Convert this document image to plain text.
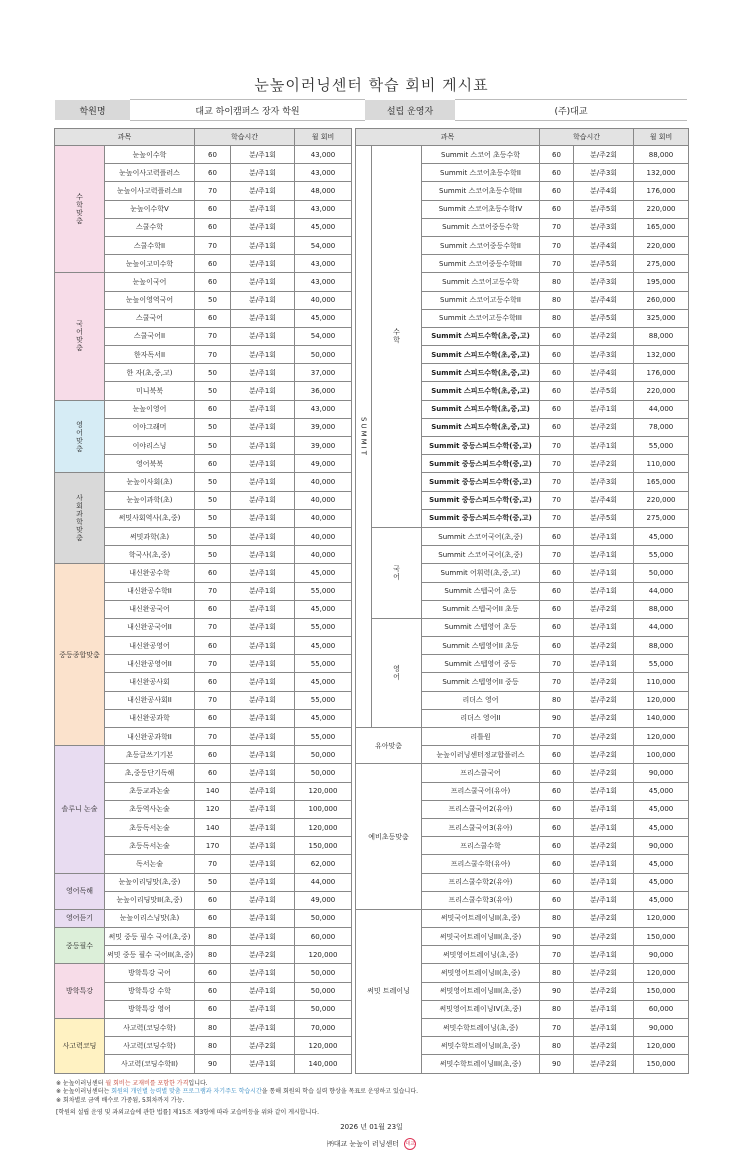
눈높이러닝센터 학습 회비 게시표
학원명	대교 하이캠퍼스 장자 학원	설립 운영자	(주)대교
과목		학습시간		월 회비
수학맞춤	눈높이수학	60	분/주1회	43,000
	눈높이사고력플러스	60	분/주1회	43,000
	눈높이사고력플러스II	70	분/주1회	48,000
	눈높이수학V	60	분/주1회	43,000
	스쿨수학	60	분/주1회	45,000
	스쿨수학II	70	분/주1회	54,000
	눈높이고미수학	60	분/주1회	43,000
국어맞춤	눈높이국어	60	분/주1회	43,000
	눈높이영역국어	50	분/주1회	40,000
	스쿨국어	60	분/주1회	45,000
	스쿨국어II	70	분/주1회	54,000
	한자독서II	70	분/주1회	50,000
	한 자(초,중,고)	50	분/주1회	37,000
	미니북북	50	분/주1회	36,000
영어맞춤	눈높이영어	60	분/주1회	43,000
	이야그래머	50	분/주1회	39,000
	이야리스닝	50	분/주1회	39,000
	영어북북	60	분/주1회	49,000
사회과학맞춤	눈높이사회(초)	50	분/주1회	40,000
	눈높이과학(초)	50	분/주1회	40,000
	써밋사회역사(초,중)	50	분/주1회	40,000
	써밋과학(초)	50	분/주1회	40,000
	학국사(초,중)	50	분/주1회	40,000
중등종합맞춤	내신완공수학	60	분/주1회	45,000
	내신완공수학II	70	분/주1회	55,000
	내신완공국어	60	분/주1회	45,000
	내신완공국어II	70	분/주1회	55,000
	내신완공영어	60	분/주1회	45,000
	내신완공영어II	70	분/주1회	55,000
	내신완공사회	60	분/주1회	45,000
	내신완공사회II	70	분/주1회	55,000
	내신완공과학	60	분/주1회	45,000
	내신완공과학II	70	분/주1회	55,000
솔루니 논술	초등글쓰기기본	60	분/주1회	50,000
	초,중등단기독해	60	분/주1회	50,000
	초등교과논술	140	분/주1회	120,000
	초등역사논술	120	분/주1회	100,000
	초등독서논술	140	분/주1회	120,000
	초등독서논술	170	분/주1회	150,000
	독서논술	70	분/주1회	62,000
영어독해	눈높이리딩맛(초,중)	50	분/주1회	44,000
	눈높이리딩맛II(초,중)	60	분/주1회	49,000
영어듣기	눈높이리스닝맛(초)	60	분/주1회	50,000
중등필수	써밋 중등 필수 국어(초,중)	80	분/주1회	60,000
	써밋 중등 필수 국어II(초,중)	80	분/주2회	120,000
방학특강	방학특강 국어	60	분/주1회	50,000
	방학특강 수학	60	분/주1회	50,000
	방학특강 영어	60	분/주1회	50,000
사고력코딩	사고력(코딩수학)	80	분/주1회	70,000
	사고력(코딩수학)	80	분/주2회	120,000
	사고력(코딩수학II)	90	분/주1회	140,000
과목			학습시간		월 회비
SUMMIT	수학	Summit 스코어 초등수학	60	분/주2회	88,000
		Summit 스코어초등수학II	60	분/주3회	132,000
		Summit 스코어초등수학III	60	분/주4회	176,000
		Summit 스코어초등수학IV	60	분/주5회	220,000
		Summit 스코어중등수학	70	분/주3회	165,000
		Summit 스코어중등수학II	70	분/주4회	220,000
		Summit 스코어중등수학III	70	분/주5회	275,000
		Summit 스코어고등수학	80	분/주3회	195,000
		Summit 스코어고등수학II	80	분/주4회	260,000
		Summit 스코어고등수학III	80	분/주5회	325,000
		Summit 스피드수학(초,중,고)	60	분/주2회	88,000
		Summit 스피드수학(초,중,고)	60	분/주3회	132,000
		Summit 스피드수학(초,중,고)	60	분/주4회	176,000
		Summit 스피드수학(초,중,고)	60	분/주5회	220,000
		Summit 스피드수학(초,중,고)	60	분/주1회	44,000
		Summit 스피드수학(초,중,고)	60	분/주2회	78,000
		Summit 중등스피드수학(중,고)	70	분/주1회	55,000
		Summit 중등스피드수학(중,고)	70	분/주2회	110,000
		Summit 중등스피드수학(중,고)	70	분/주3회	165,000
		Summit 중등스피드수학(중,고)	70	분/주4회	220,000
		Summit 중등스피드수학(중,고)	70	분/주5회	275,000
	국어	Summit 스코어국어(초,중)	60	분/주1회	45,000
		Summit 스코어국어(초,중)	70	분/주1회	55,000
		Summit 어휘력(초,중,고)	60	분/주1회	50,000
		Summit 스텝국어 초등	60	분/주1회	44,000
		Summit 스텝국어II 초등	60	분/주2회	88,000
	영어	Summit 스텝영어 초등	60	분/주1회	44,000
		Summit 스텝영어II 초등	60	분/주2회	88,000
		Summit 스텝영어 중등	70	분/주1회	55,000
		Summit 스텝영어II 중등	70	분/주2회	110,000
		리더스 영어	80	분/주2회	120,000
		리더스 영어II	90	분/주2회	140,000
유아맞춤		리틀원	70	분/주2회	120,000
		눈높이러닝센터정교합플러스	60	분/주2회	100,000
예비초등맞춤		프리스쿨국어	60	분/주2회	90,000
		프리스쿨국어(유아)	60	분/주1회	45,000
		프리스쿨국어2(유아)	60	분/주1회	45,000
		프리스쿨국어3(유아)	60	분/주1회	45,000
		프리스쿨수학	60	분/주2회	90,000
		프리스쿨수학(유아)	60	분/주1회	45,000
		프리스쿨수학2(유아)	60	분/주1회	45,000
		프리스쿨수학3(유아)	60	분/주1회	45,000
써밋 트레이닝		써밋국어트레이닝II(초,중)	80	분/주2회	120,000
		써밋국어트레이닝III(초,중)	90	분/주2회	150,000
		써밋영어트레이닝(초,중)	70	분/주1회	90,000
		써밋영어트레이닝II(초,중)	80	분/주2회	120,000
		써밋영어트레이닝III(초,중)	90	분/주2회	150,000
		써밋영어트레이닝IV(초,중)	80	분/주1회	60,000
		써밋수학트레이닝(초,중)	70	분/주1회	90,000
		써밋수학트레이닝II(초,중)	80	분/주2회	120,000
		써밋수학트레이닝III(초,중)	90	분/주2회	150,000
※ 눈높이러닝센터 월 회비는 교재비를 포함한 가격입니다.
※ 눈높이러닝센터는 회원의 개인별 능력별 맞춤 프로그램과 자기주도 학습시간을 통해 회원의 학습 실력 향상을 목표로 운영하고 있습니다.
※ 회차별로 금액 배수로 가중됨, 5회차까지 가능.
[학원의 설립 운영 및 과외교습에 관한 법률] 제15조 제3항에 따라 교습비등을 위와 같이 게시합니다.
2026 년 01월 23일
㈜대교 눈높이 러닝센터 대교
